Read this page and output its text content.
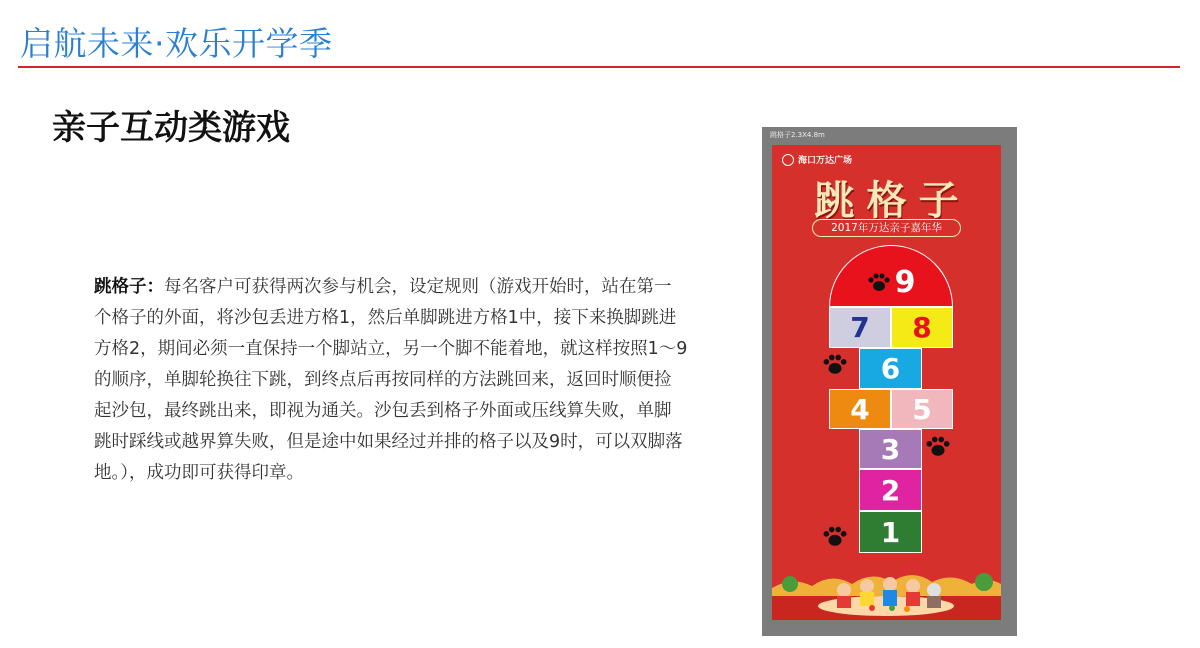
启航未来·欢乐开学季
亲子互动类游戏
跳格子：每名客户可获得两次参与机会，设定规则（游戏开始时，站在第一个格子的外面，将沙包丢进方格1，然后单脚跳进方格1中，接下来换脚跳进方格2，期间必须一直保持一个脚站立，另一个脚不能着地，就这样按照1～9的顺序，单脚轮换往下跳，到终点后再按同样的方法跳回来，返回时顺便捡起沙包，最终跳出来，即视为通关。沙包丢到格子外面或压线算失败，单脚跳时踩线或越界算失败，但是途中如果经过并排的格子以及9时，可以双脚落地。），成功即可获得印章。
跳格子2.3X4.8m
海口万达广场
跳格子
2017年万达亲子嘉年华
9
7 8
6
4 5
3
2
1
